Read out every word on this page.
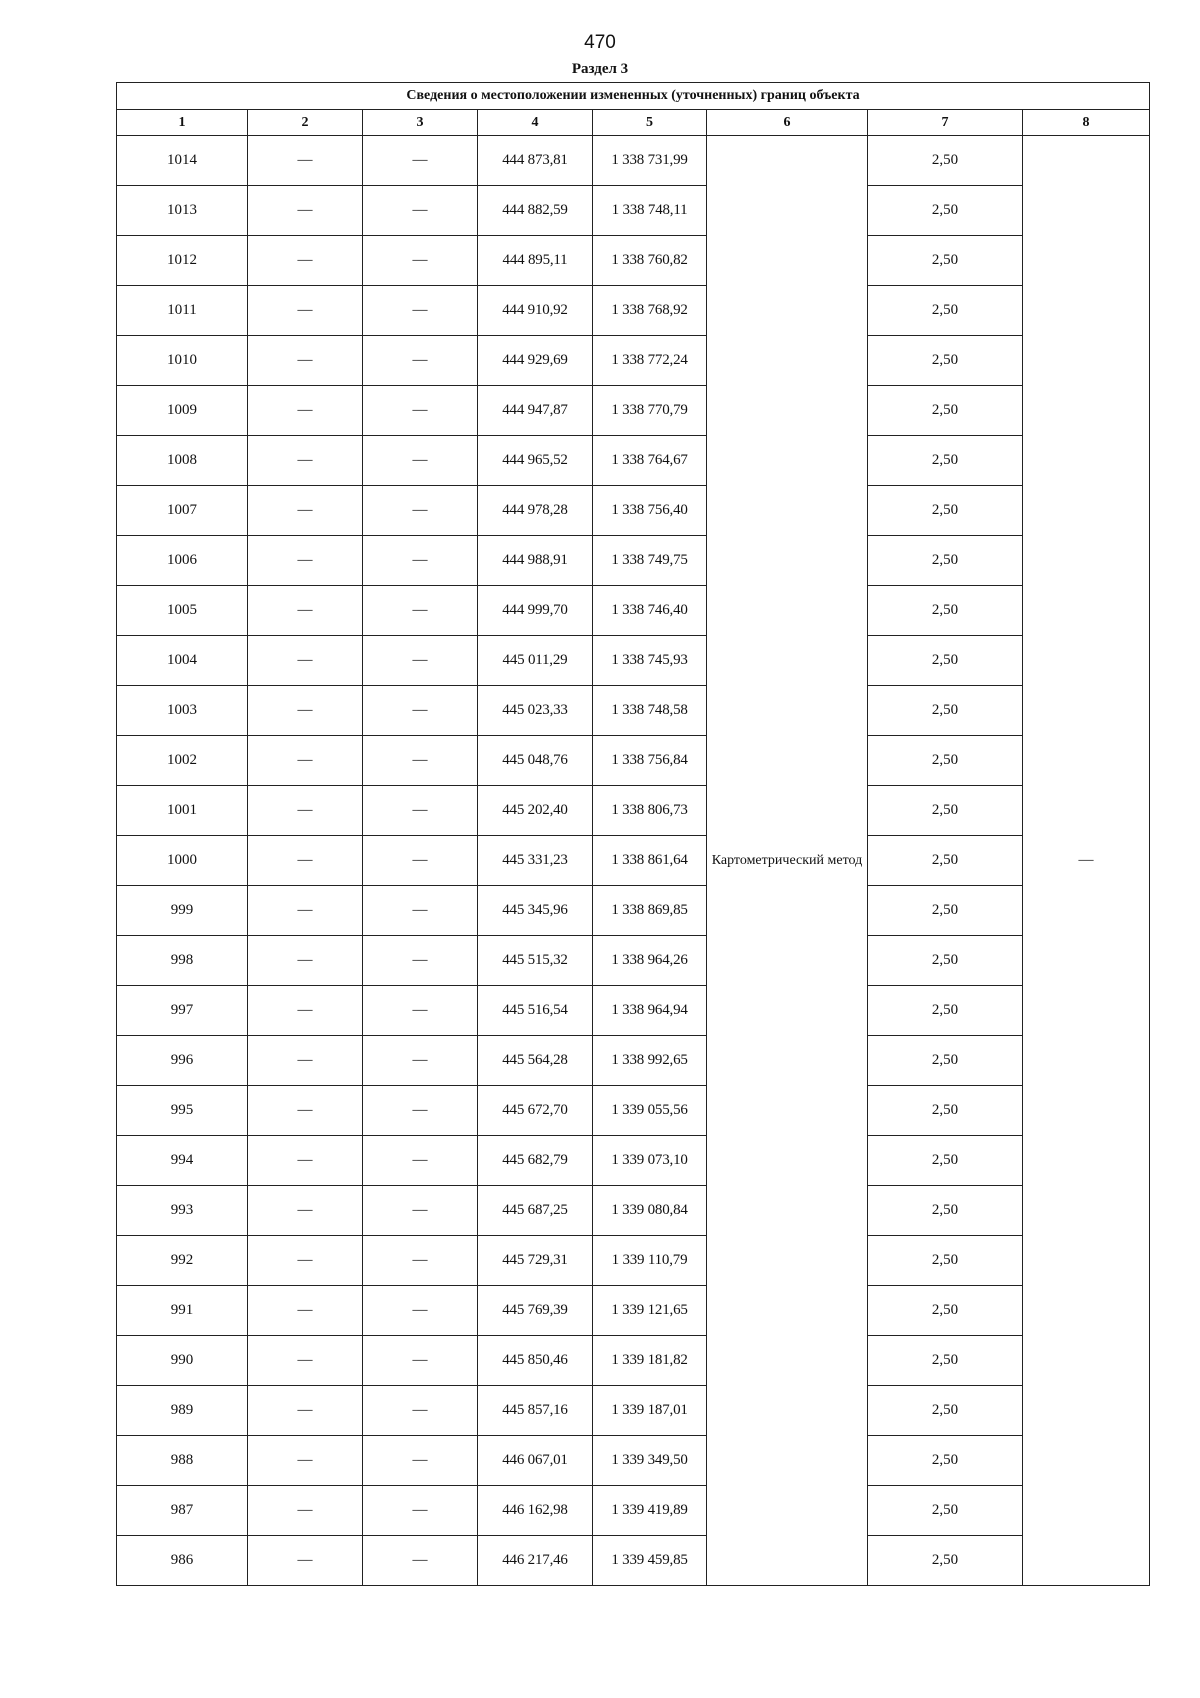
470
Раздел 3
Сведения о местоположении измененных (уточненных) границ объекта							
1	2	3	4	5	6	7	8
1014	—	—	444 873,81	1 338 731,99	Картометрический метод	2,50	—
1013	—	—	444 882,59	1 338 748,11		2,50	
1012	—	—	444 895,11	1 338 760,82		2,50	
1011	—	—	444 910,92	1 338 768,92		2,50	
1010	—	—	444 929,69	1 338 772,24		2,50	
1009	—	—	444 947,87	1 338 770,79		2,50	
1008	—	—	444 965,52	1 338 764,67		2,50	
1007	—	—	444 978,28	1 338 756,40		2,50	
1006	—	—	444 988,91	1 338 749,75		2,50	
1005	—	—	444 999,70	1 338 746,40		2,50	
1004	—	—	445 011,29	1 338 745,93		2,50	
1003	—	—	445 023,33	1 338 748,58		2,50	
1002	—	—	445 048,76	1 338 756,84		2,50	
1001	—	—	445 202,40	1 338 806,73		2,50	
1000	—	—	445 331,23	1 338 861,64		2,50	
999	—	—	445 345,96	1 338 869,85		2,50	
998	—	—	445 515,32	1 338 964,26		2,50	
997	—	—	445 516,54	1 338 964,94		2,50	
996	—	—	445 564,28	1 338 992,65		2,50	
995	—	—	445 672,70	1 339 055,56		2,50	
994	—	—	445 682,79	1 339 073,10		2,50	
993	—	—	445 687,25	1 339 080,84		2,50	
992	—	—	445 729,31	1 339 110,79		2,50	
991	—	—	445 769,39	1 339 121,65		2,50	
990	—	—	445 850,46	1 339 181,82		2,50	
989	—	—	445 857,16	1 339 187,01		2,50	
988	—	—	446 067,01	1 339 349,50		2,50	
987	—	—	446 162,98	1 339 419,89		2,50	
986	—	—	446 217,46	1 339 459,85		2,50	
